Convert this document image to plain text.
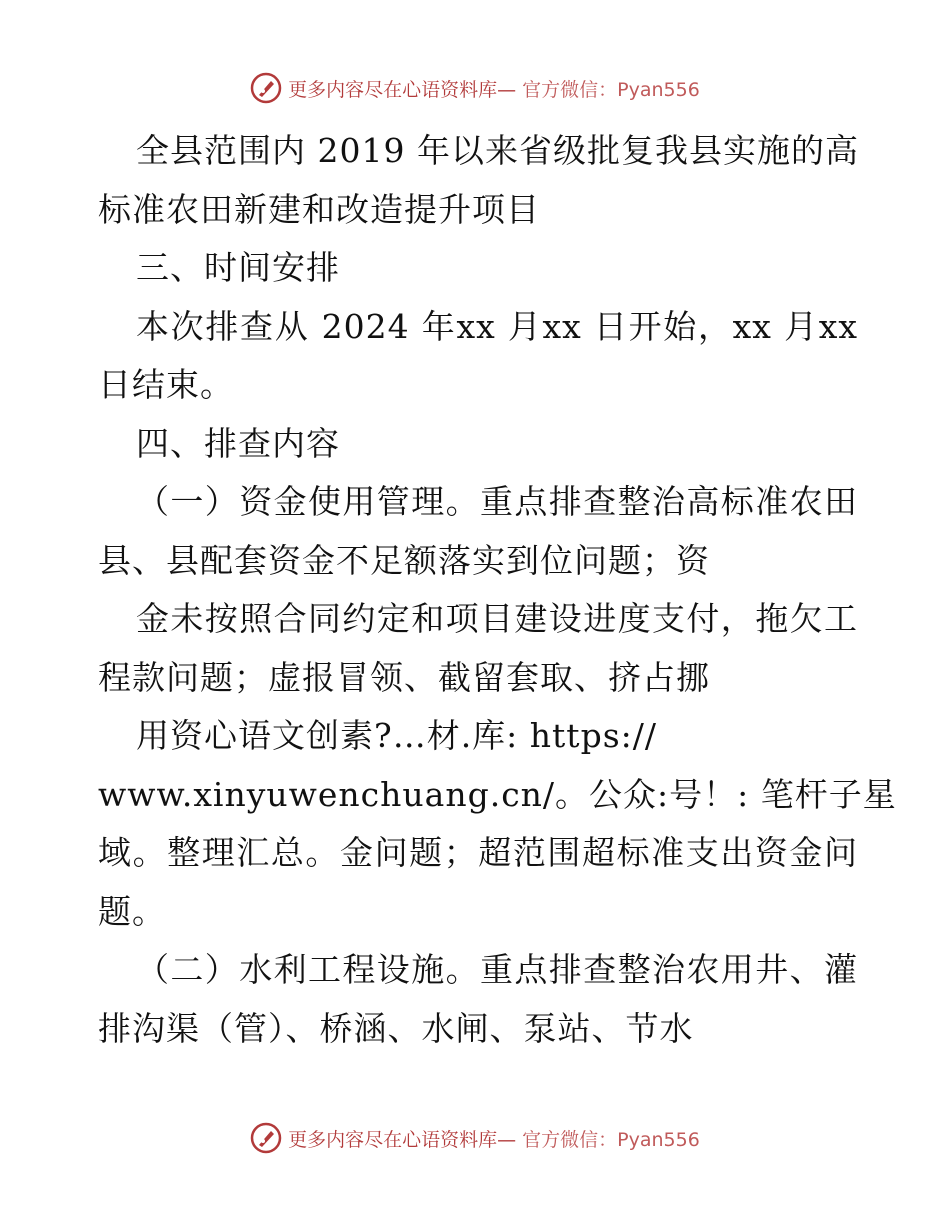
更多内容尽在心语资料库— 官方微信：Pyan556
全县范围内 2019 年以来省级批复我县实施的高
标准农田新建和改造提升项目
三、时间安排
本次排查从 2024 年xx 月xx 日开始，xx 月xx
日结束。
四、排查内容
（一）资金使用管理。重点排查整治高标准农田
县、县配套资金不足额落实到位问题；资
金未按照合同约定和项目建设进度支付，拖欠工
程款问题；虚报冒领、截留套取、挤占挪
用资心语文创素?…材.库: https://
www.xinyuwenchuang.cn/。公众:号！: 笔杆子星
域。整理汇总。金问题；超范围超标准支出资金问
题。
（二）水利工程设施。重点排查整治农用井、灌
排沟渠（管）、桥涵、水闸、泵站、节水
更多内容尽在心语资料库— 官方微信：Pyan556
